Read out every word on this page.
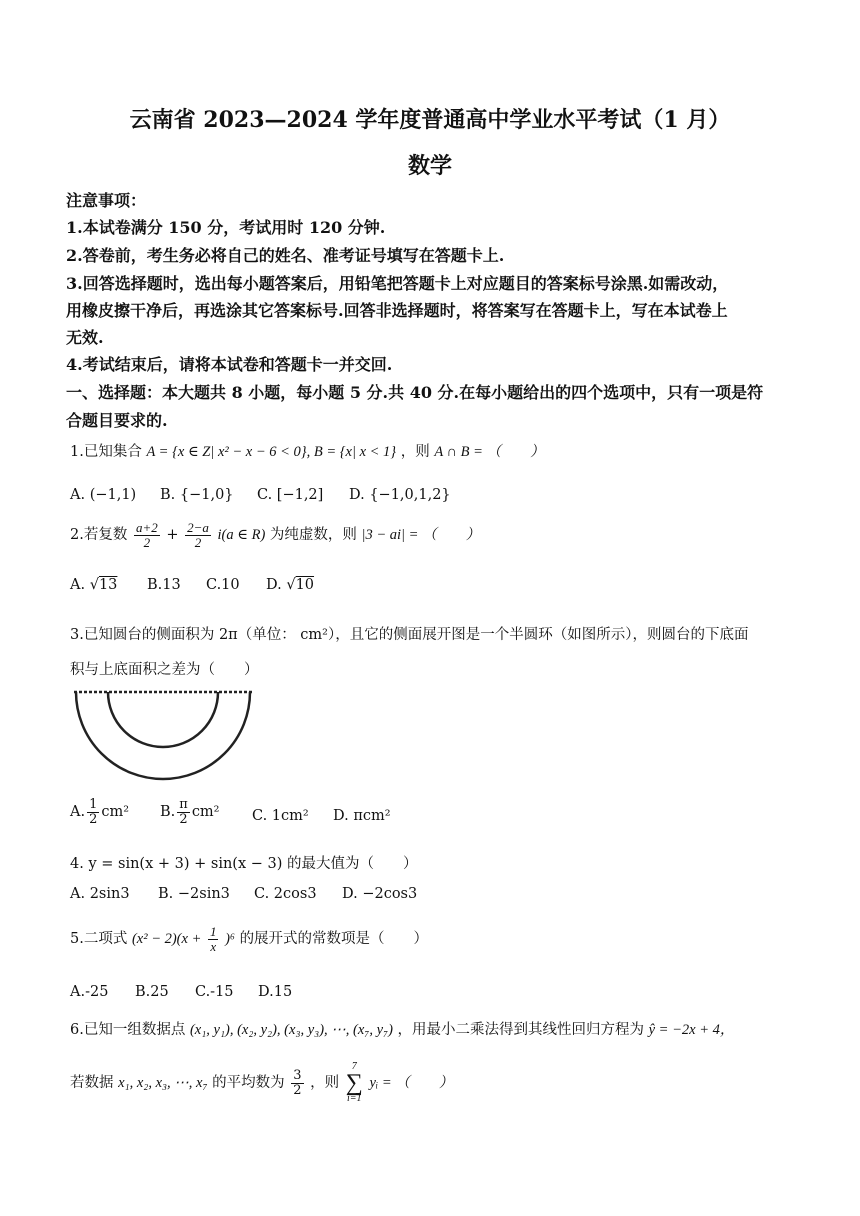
云南省 2023—2024 学年度普通高中学业水平考试（1 月）
数学
注意事项：
1.本试卷满分 150 分，考试用时 120 分钟.
2.答卷前，考生务必将自己的姓名、准考证号填写在答题卡上.
3.回答选择题时，选出每小题答案后，用铅笔把答题卡上对应题目的答案标号涂黑.如需改动，
用橡皮擦干净后，再选涂其它答案标号.回答非选择题时，将答案写在答题卡上，写在本试卷上
无效.
4.考试结束后，请将本试卷和答题卡一并交回.
一、选择题：本大题共 8 小题，每小题 5 分.共 40 分.在每小题给出的四个选项中，只有一项是符
合题目要求的.
1.已知集合 A = {x ∈ Z| x² − x − 6 < 0}, B = {x| x < 1} ，则 A ∩ B = （　　）
A. (−1,1) B. {−1,0} C. [−1,2] D. {−1,0,1,2}
2.若复数 $\frac{a+2}{2} + \frac{2-a}{2} i(a$ ∈ R) 为纯虚数，则 |3 − ai| = （　　）
A. √13 B.13 C.10 D. √10
3.已知圆台的侧面积为 2π（单位： cm²），且它的侧面展开图是一个半圆环（如图所示），则圆台的下底面
积与上底面积之差为（　　）
A. $\frac{1}{2} cm^2$ B. $\frac{\pi}{2} cm^2$ C. 1cm² D. πcm²
4. y = sin(x + 3) + sin(x − 3) 的最大值为（　　）
A. 2sin3 B. −2sin3 C. 2cos3 D. −2cos3
5.二项式 $(x^2 - 2)(x + \frac{1}{x} )^6$ 的展开式的常数项是（　　）
A.-25 B.25 C.-15 D.15
6.已知一组数据点 (x₁, y₁), (x₂, y₂), (x₃, y₃), ⋯, (x₇, y₇) ，用最小二乘法得到其线性回归方程为 ŷ = −2x + 4，
若数据 x₁, x₂, x₃, ⋯, x₇ 的平均数为 $\frac{3}{2}$ ，则 7
∑
i=1 yᵢ = （　　）
